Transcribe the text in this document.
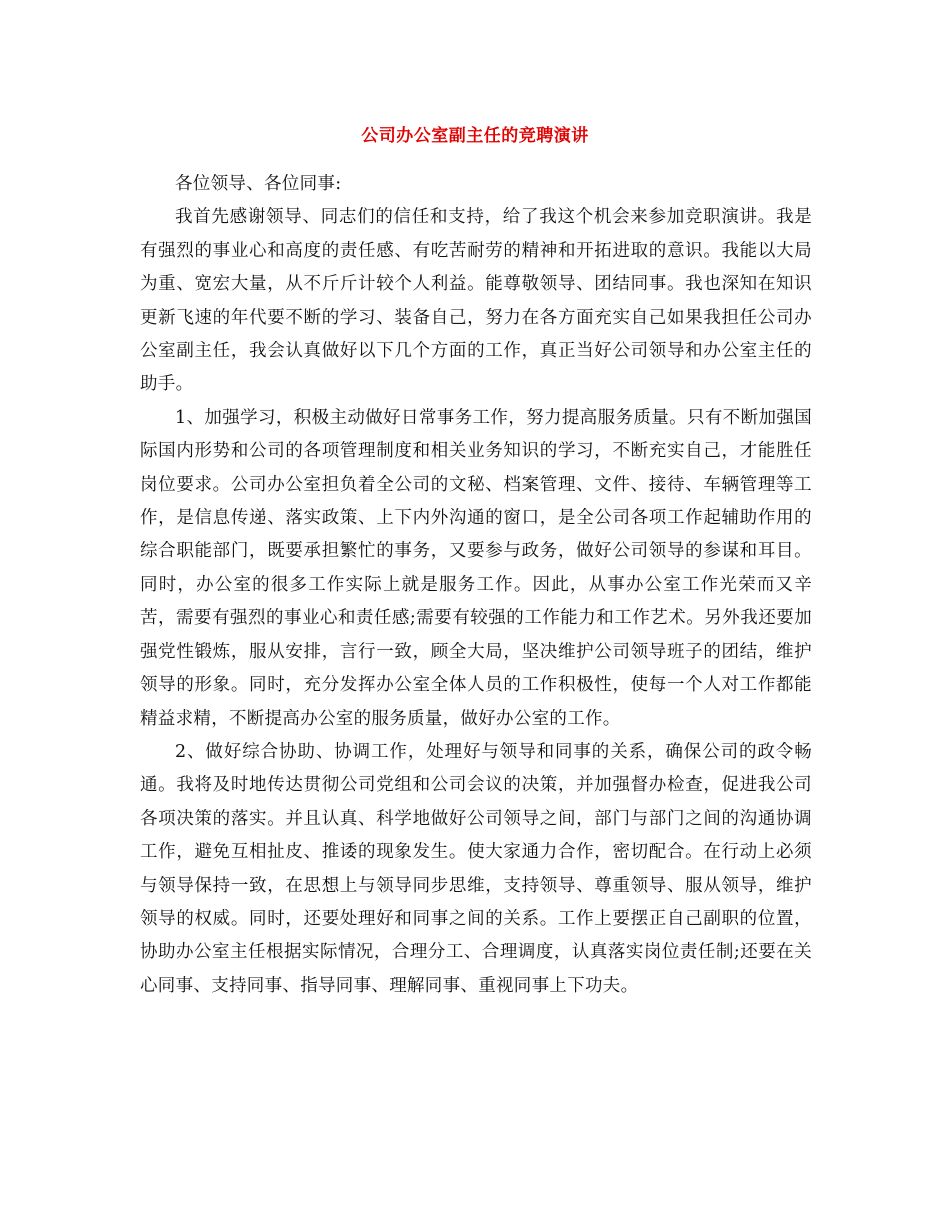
公司办公室副主任的竞聘演讲

各位领导、各位同事:

我首先感谢领导、同志们的信任和支持，给了我这个机会来参加竞职演讲。我是有强烈的事业心和高度的责任感、有吃苦耐劳的精神和开拓进取的意识。我能以大局为重、宽宏大量，从不斤斤计较个人利益。能尊敬领导、团结同事。我也深知在知识更新飞速的年代要不断的学习、装备自己，努力在各方面充实自己如果我担任公司办公室副主任，我会认真做好以下几个方面的工作，真正当好公司领导和办公室主任的助手。

1、加强学习，积极主动做好日常事务工作，努力提高服务质量。只有不断加强国际国内形势和公司的各项管理制度和相关业务知识的学习，不断充实自己，才能胜任岗位要求。公司办公室担负着全公司的文秘、档案管理、文件、接待、车辆管理等工作，是信息传递、落实政策、上下内外沟通的窗口，是全公司各项工作起辅助作用的综合职能部门，既要承担繁忙的事务，又要参与政务，做好公司领导的参谋和耳目。同时，办公室的很多工作实际上就是服务工作。因此，从事办公室工作光荣而又辛苦，需要有强烈的事业心和责任感;需要有较强的工作能力和工作艺术。另外我还要加强党性锻炼，服从安排，言行一致，顾全大局，坚决维护公司领导班子的团结，维护领导的形象。同时，充分发挥办公室全体人员的工作积极性，使每一个人对工作都能精益求精，不断提高办公室的服务质量，做好办公室的工作。

2、做好综合协助、协调工作，处理好与领导和同事的关系，确保公司的政令畅通。我将及时地传达贯彻公司党组和公司会议的决策，并加强督办检查，促进我公司各项决策的落实。并且认真、科学地做好公司领导之间，部门与部门之间的沟通协调工作，避免互相扯皮、推诿的现象发生。使大家通力合作，密切配合。在行动上必须与领导保持一致，在思想上与领导同步思维，支持领导、尊重领导、服从领导，维护领导的权威。同时，还要处理好和同事之间的关系。工作上要摆正自己副职的位置，协助办公室主任根据实际情况，合理分工、合理调度，认真落实岗位责任制;还要在关心同事、支持同事、指导同事、理解同事、重视同事上下功夫。
